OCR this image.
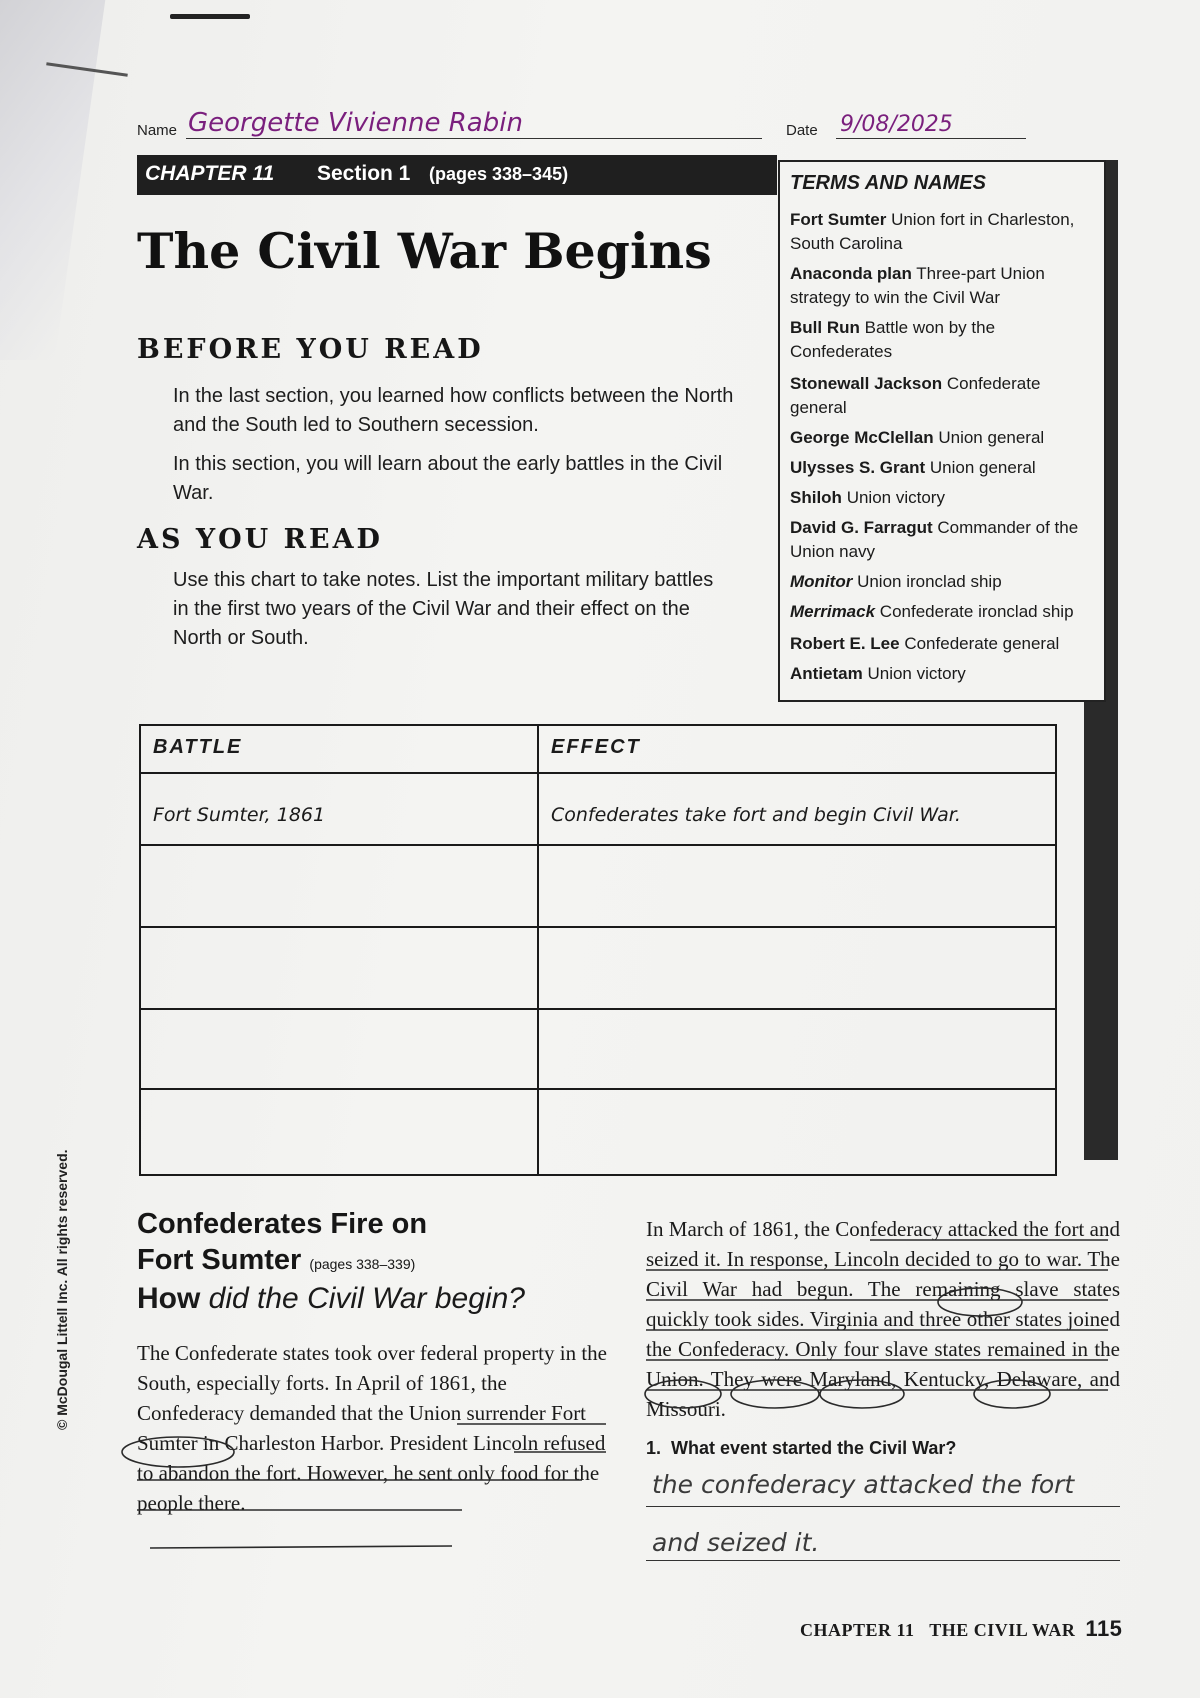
Name Georgette Vivienne Rabin	Date 9/08/2025
CHAPTER 11 Section 1 (pages 338–345)
The Civil War Begins
BEFORE YOU READ
In the last section, you learned how conflicts between the North and the South led to Southern secession.
In this section, you will learn about the early battles in the Civil War.
AS YOU READ
Use this chart to take notes. List the important military battles in the first two years of the Civil War and their effect on the North or South.
TERMS AND NAMES
Fort Sumter Union fort in Charleston, South Carolina
Anaconda plan Three-part Union strategy to win the Civil War
Bull Run Battle won by the Confederates
Stonewall Jackson Confederate general
George McClellan Union general
Ulysses S. Grant Union general
Shiloh Union victory
David G. Farragut Commander of the Union navy
Monitor Union ironclad ship
Merrimack Confederate ironclad ship
Robert E. Lee Confederate general
Antietam Union victory
BATTLE	EFFECT
Fort Sumter, 1861	Confederates take fort and begin Civil War.
© McDougal Littell Inc. All rights reserved. Confederates Fire on
Fort Sumter (pages 338–339)
How did the Civil War begin?
The Confederate states took over federal property in the South, especially forts. In April of 1861, the Confederacy demanded that the Union surrender Fort Sumter in Charleston Harbor. President Lincoln refused to abandon the fort. However, he sent only food for the people there.
In March of 1861, the Confederacy attacked the fort and seized it. In response, Lincoln decided to go to war. The Civil War had begun. The remaining slave states quickly took sides. Virginia and three other states joined the Confederacy. Only four slave states remained in the Union. They were Maryland, Kentucky, Delaware, and Missouri.
1. What event started the Civil War?
the confederacy attacked the fort
and seized it.
CHAPTER 11 THE CIVIL WAR 115
